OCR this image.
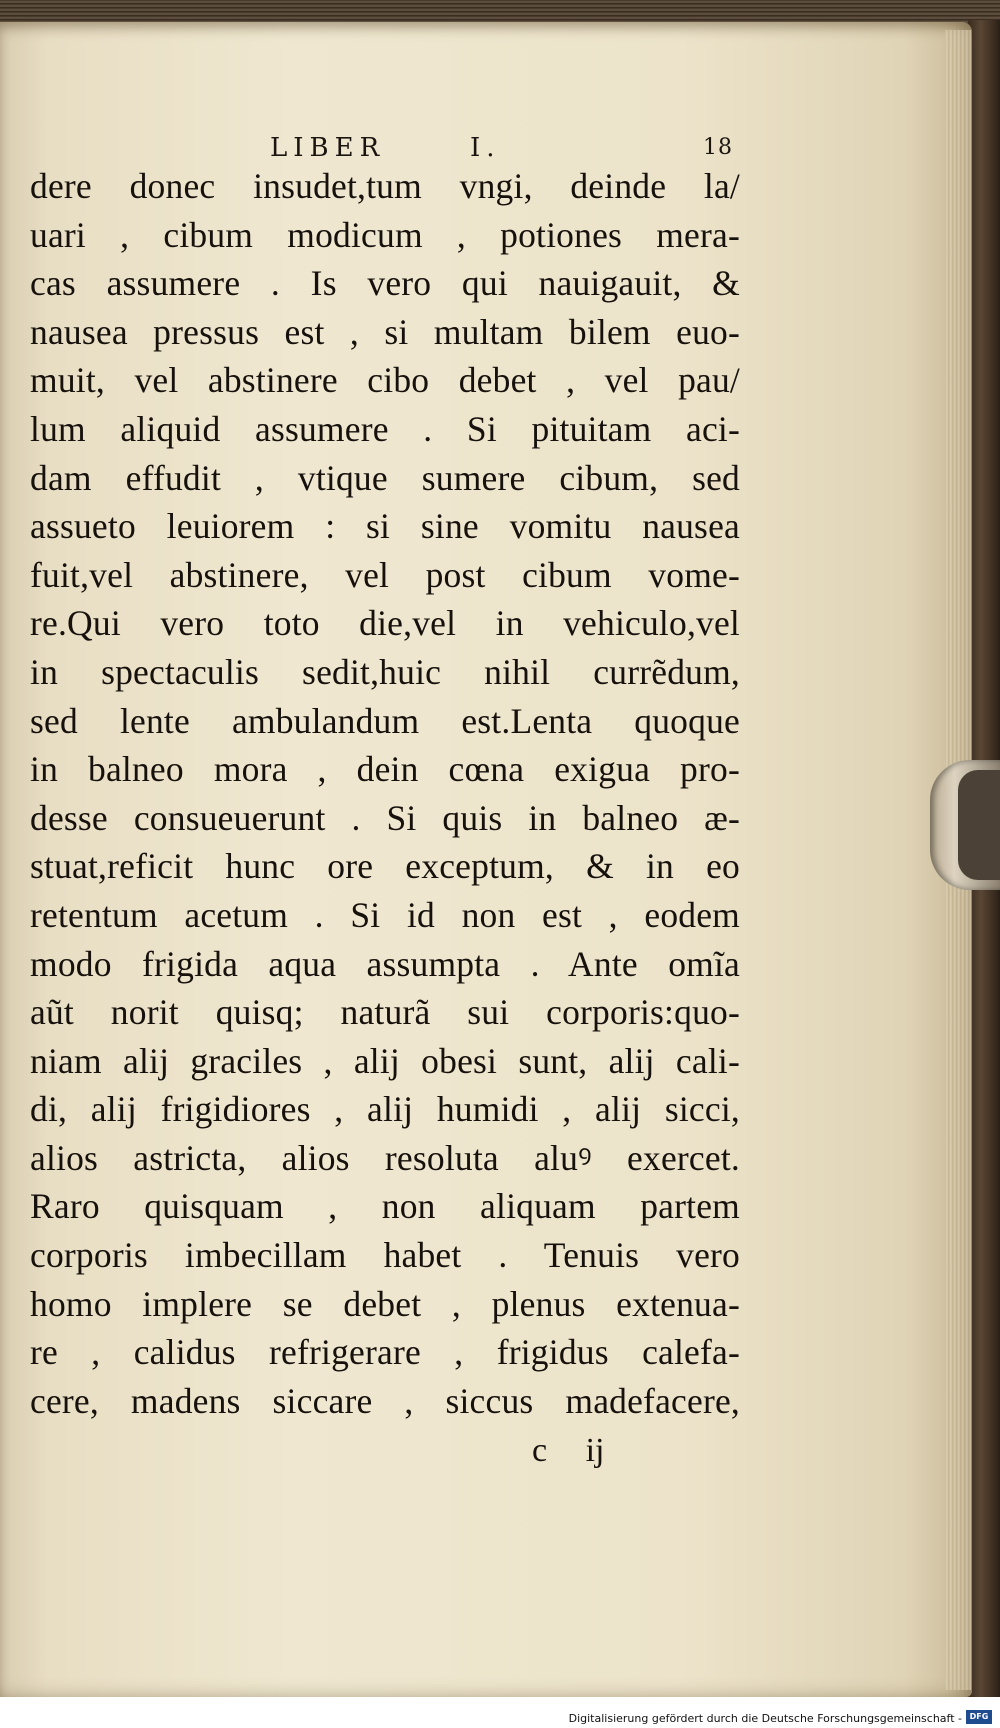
LIBER	I.	18
dere donec insudet,tum vngi, deinde la/
uari , cibum modicum , potiones mera-
cas assumere . Is vero qui nauigauit, &
nausea pressus est , si multam bilem euo-
muit, vel abstinere cibo debet , vel pau/
lum aliquid assumere . Si pituitam aci-
dam effudit , vtique sumere cibum, sed
assueto leuiorem : si sine vomitu nausea
fuit,vel abstinere, vel post cibum vome-
re.Qui vero toto die,vel in vehiculo,vel
in spectaculis sedit,huic nihil currẽdum,
sed lente ambulandum est.Lenta quoque
in balneo mora , dein cœna exigua pro-
desse consueuerunt . Si quis in balneo æ-
stuat,reficit hunc ore exceptum, & in eo
retentum acetum . Si id non est , eodem
modo frigida aqua assumpta . Ante omĩa
aũt norit quisq; naturã sui corporis:quo-
niam alij graciles , alij obesi sunt, alij cali-
di, alij frigidiores , alij humidi , alij sicci,
alios astricta, alios resoluta aluꝰ exercet.
Raro quisquam , non aliquam partem
corporis imbecillam habet . Tenuis vero
homo implere se debet , plenus extenua-
re , calidus refrigerare , frigidus calefa-
cere, madens siccare , siccus madefacere,
c ij
Digitalisierung gefördert durch die Deutsche Forschungsgemeinschaft - DFG
